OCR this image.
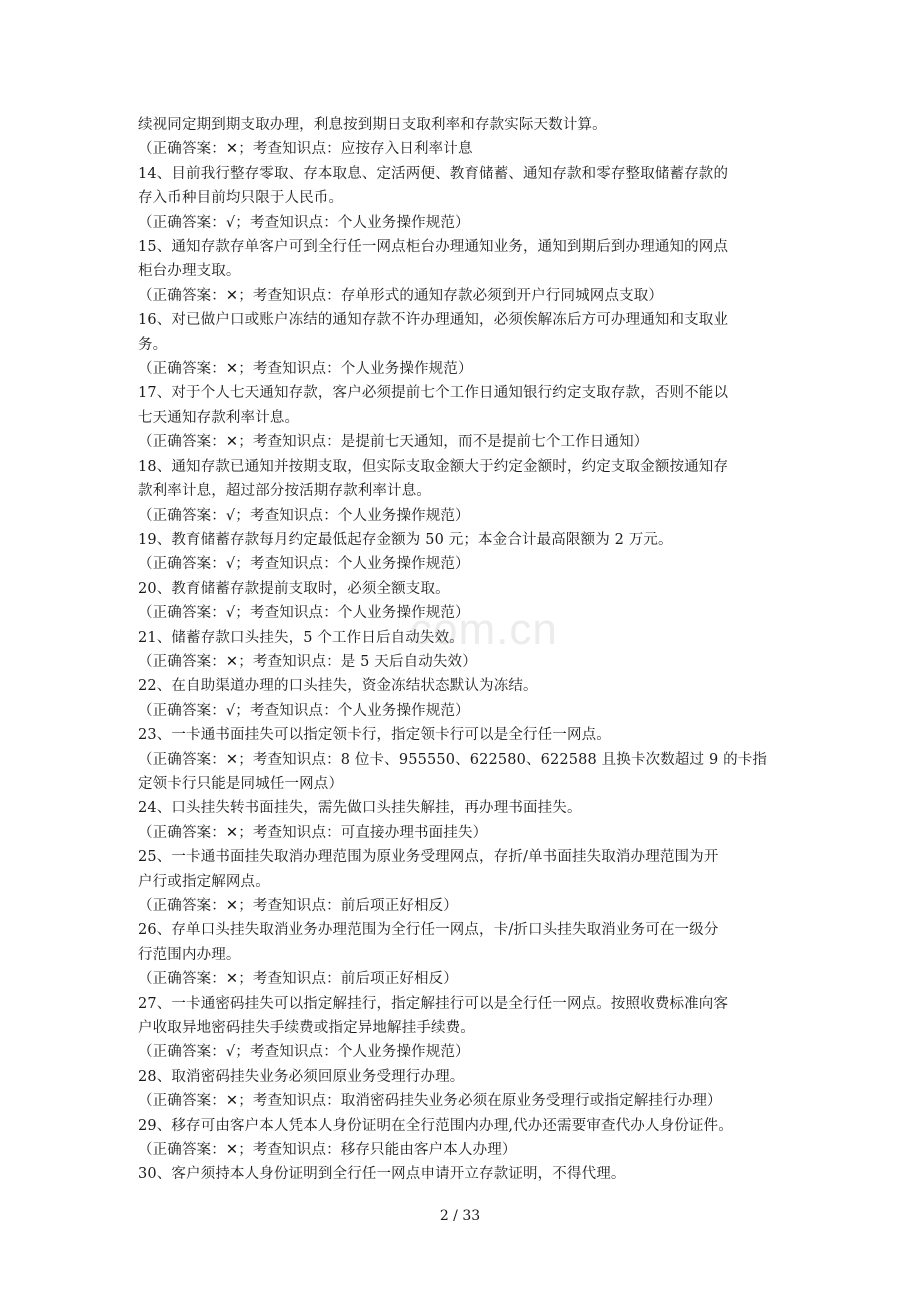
com.cn
续视同定期到期支取办理，利息按到期日支取利率和存款实际天数计算。
（正确答案：✕；考查知识点：应按存入日利率计息
14、目前我行整存零取、存本取息、定活两便、教育储蓄、通知存款和零存整取储蓄存款的
存入币种目前均只限于人民币。
（正确答案：√；考查知识点：个人业务操作规范）
15、通知存款存单客户可到全行任一网点柜台办理通知业务，通知到期后到办理通知的网点
柜台办理支取。
（正确答案：✕；考查知识点：存单形式的通知存款必须到开户行同城网点支取）
16、对已做户口或账户冻结的通知存款不许办理通知，必须俟解冻后方可办理通知和支取业
务。
（正确答案：✕；考查知识点：个人业务操作规范）
17、对于个人七天通知存款，客户必须提前七个工作日通知银行约定支取存款，否则不能以
七天通知存款利率计息。
（正确答案：✕；考查知识点：是提前七天通知，而不是提前七个工作日通知）
18、通知存款已通知并按期支取，但实际支取金额大于约定金额时，约定支取金额按通知存
款利率计息，超过部分按活期存款利率计息。
（正确答案：√；考查知识点：个人业务操作规范）
19、教育储蓄存款每月约定最低起存金额为 50 元；本金合计最高限额为 2 万元。
（正确答案：√；考查知识点：个人业务操作规范）
20、教育储蓄存款提前支取时，必须全额支取。
（正确答案：√；考查知识点：个人业务操作规范）
21、储蓄存款口头挂失，5 个工作日后自动失效。
（正确答案：✕；考查知识点：是 5 天后自动失效）
22、在自助渠道办理的口头挂失，资金冻结状态默认为冻结。
（正确答案：√；考查知识点：个人业务操作规范）
23、一卡通书面挂失可以指定领卡行，指定领卡行可以是全行任一网点。
（正确答案：✕；考查知识点：8 位卡、955550、622580、622588 且换卡次数超过 9 的卡指
定领卡行只能是同城任一网点）
24、口头挂失转书面挂失，需先做口头挂失解挂，再办理书面挂失。
（正确答案：✕；考查知识点：可直接办理书面挂失）
25、一卡通书面挂失取消办理范围为原业务受理网点，存折/单书面挂失取消办理范围为开
户行或指定解网点。
（正确答案：✕；考查知识点：前后项正好相反）
26、存单口头挂失取消业务办理范围为全行任一网点，卡/折口头挂失取消业务可在一级分
行范围内办理。
（正确答案：✕；考查知识点：前后项正好相反）
27、一卡通密码挂失可以指定解挂行，指定解挂行可以是全行任一网点。按照收费标准向客
户收取异地密码挂失手续费或指定异地解挂手续费。
（正确答案：√；考查知识点：个人业务操作规范）
28、取消密码挂失业务必须回原业务受理行办理。
（正确答案：✕；考查知识点：取消密码挂失业务必须在原业务受理行或指定解挂行办理）
29、移存可由客户本人凭本人身份证明在全行范围内办理,代办还需要审查代办人身份证件。
（正确答案：✕；考查知识点：移存只能由客户本人办理）
30、客户须持本人身份证明到全行任一网点申请开立存款证明，不得代理。
2 / 33
